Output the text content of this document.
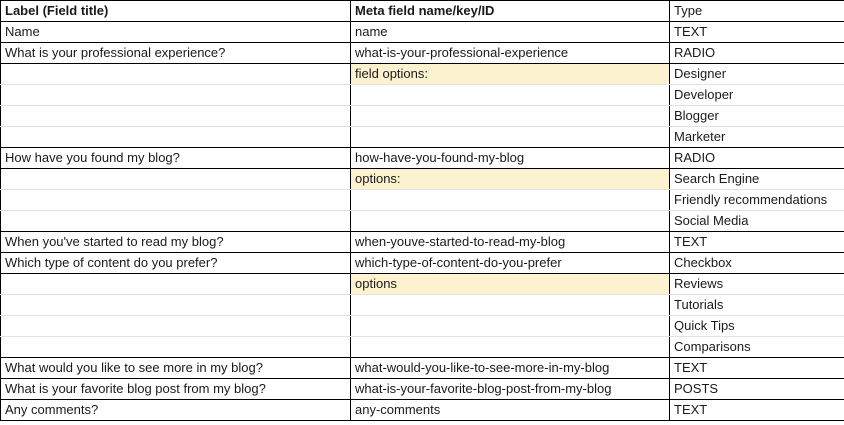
Label (Field title)	Meta field name/key/ID	Type
Name	name	TEXT
What is your professional experience?	what-is-your-professional-experience	RADIO
	field options:	Designer
		Developer
		Blogger
		Marketer
How have you found my blog?	how-have-you-found-my-blog	RADIO
	options:	Search Engine
		Friendly recommendations
		Social Media
When you've started to read my blog?	when-youve-started-to-read-my-blog	TEXT
Which type of content do you prefer?	which-type-of-content-do-you-prefer	Checkbox
	options	Reviews
		Tutorials
		Quick Tips
		Comparisons
What would you like to see more in my blog?	what-would-you-like-to-see-more-in-my-blog	TEXT
What is your favorite blog post from my blog?	what-is-your-favorite-blog-post-from-my-blog	POSTS
Any comments?	any-comments	TEXT
